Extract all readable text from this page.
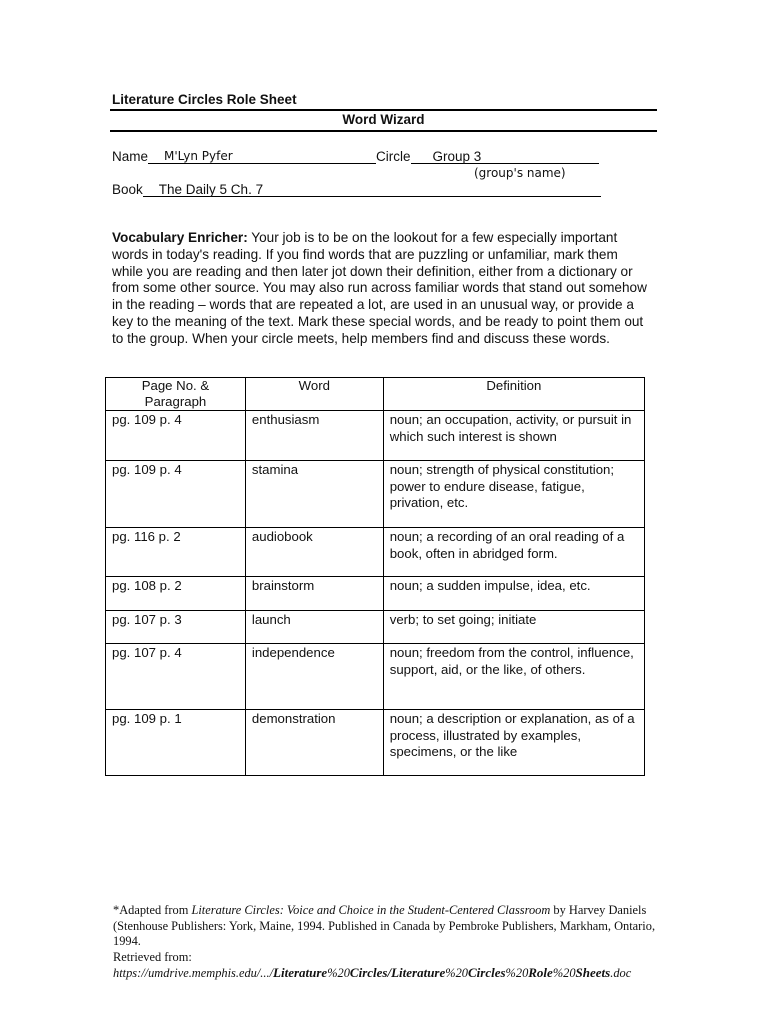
Literature Circles Role Sheet
Word Wizard
Name M'Lyn Pyfer	Circle Group 3
(group's name)
Book The Daily 5 Ch. 7
Vocabulary Enricher: Your job is to be on the lookout for a few especially important words in today's reading. If you find words that are puzzling or unfamiliar, mark them while you are reading and then later jot down their definition, either from a dictionary or from some other source. You may also run across familiar words that stand out somehow in the reading – words that are repeated a lot, are used in an unusual way, or provide a key to the meaning of the text. Mark these special words, and be ready to point them out to the group. When your circle meets, help members find and discuss these words.
Page No. & Paragraph	Word	Definition
pg. 109 p. 4	enthusiasm	noun; an occupation, activity, or pursuit in which such interest is shown
pg. 109 p. 4	stamina	noun; strength of physical constitution; power to endure disease, fatigue, privation, etc.
pg. 116 p. 2	audiobook	noun; a recording of an oral reading of a book, often in abridged form.
pg. 108 p. 2	brainstorm	noun; a sudden impulse, idea, etc.
pg. 107 p. 3	launch	verb; to set going; initiate
pg. 107 p. 4	independence	noun; freedom from the control, influence, support, aid, or the like, of others.
pg. 109 p. 1	demonstration	noun; a description or explanation, as of a process, illustrated by examples, specimens, or the like
*Adapted from Literature Circles: Voice and Choice in the Student-Centered Classroom by Harvey Daniels (Stenhouse Publishers: York, Maine, 1994. Published in Canada by Pembroke Publishers, Markham, Ontario, 1994.
Retrieved from:
https://umdrive.memphis.edu/.../Literature%20Circles/Literature%20Circles%20Role%20Sheets.doc
